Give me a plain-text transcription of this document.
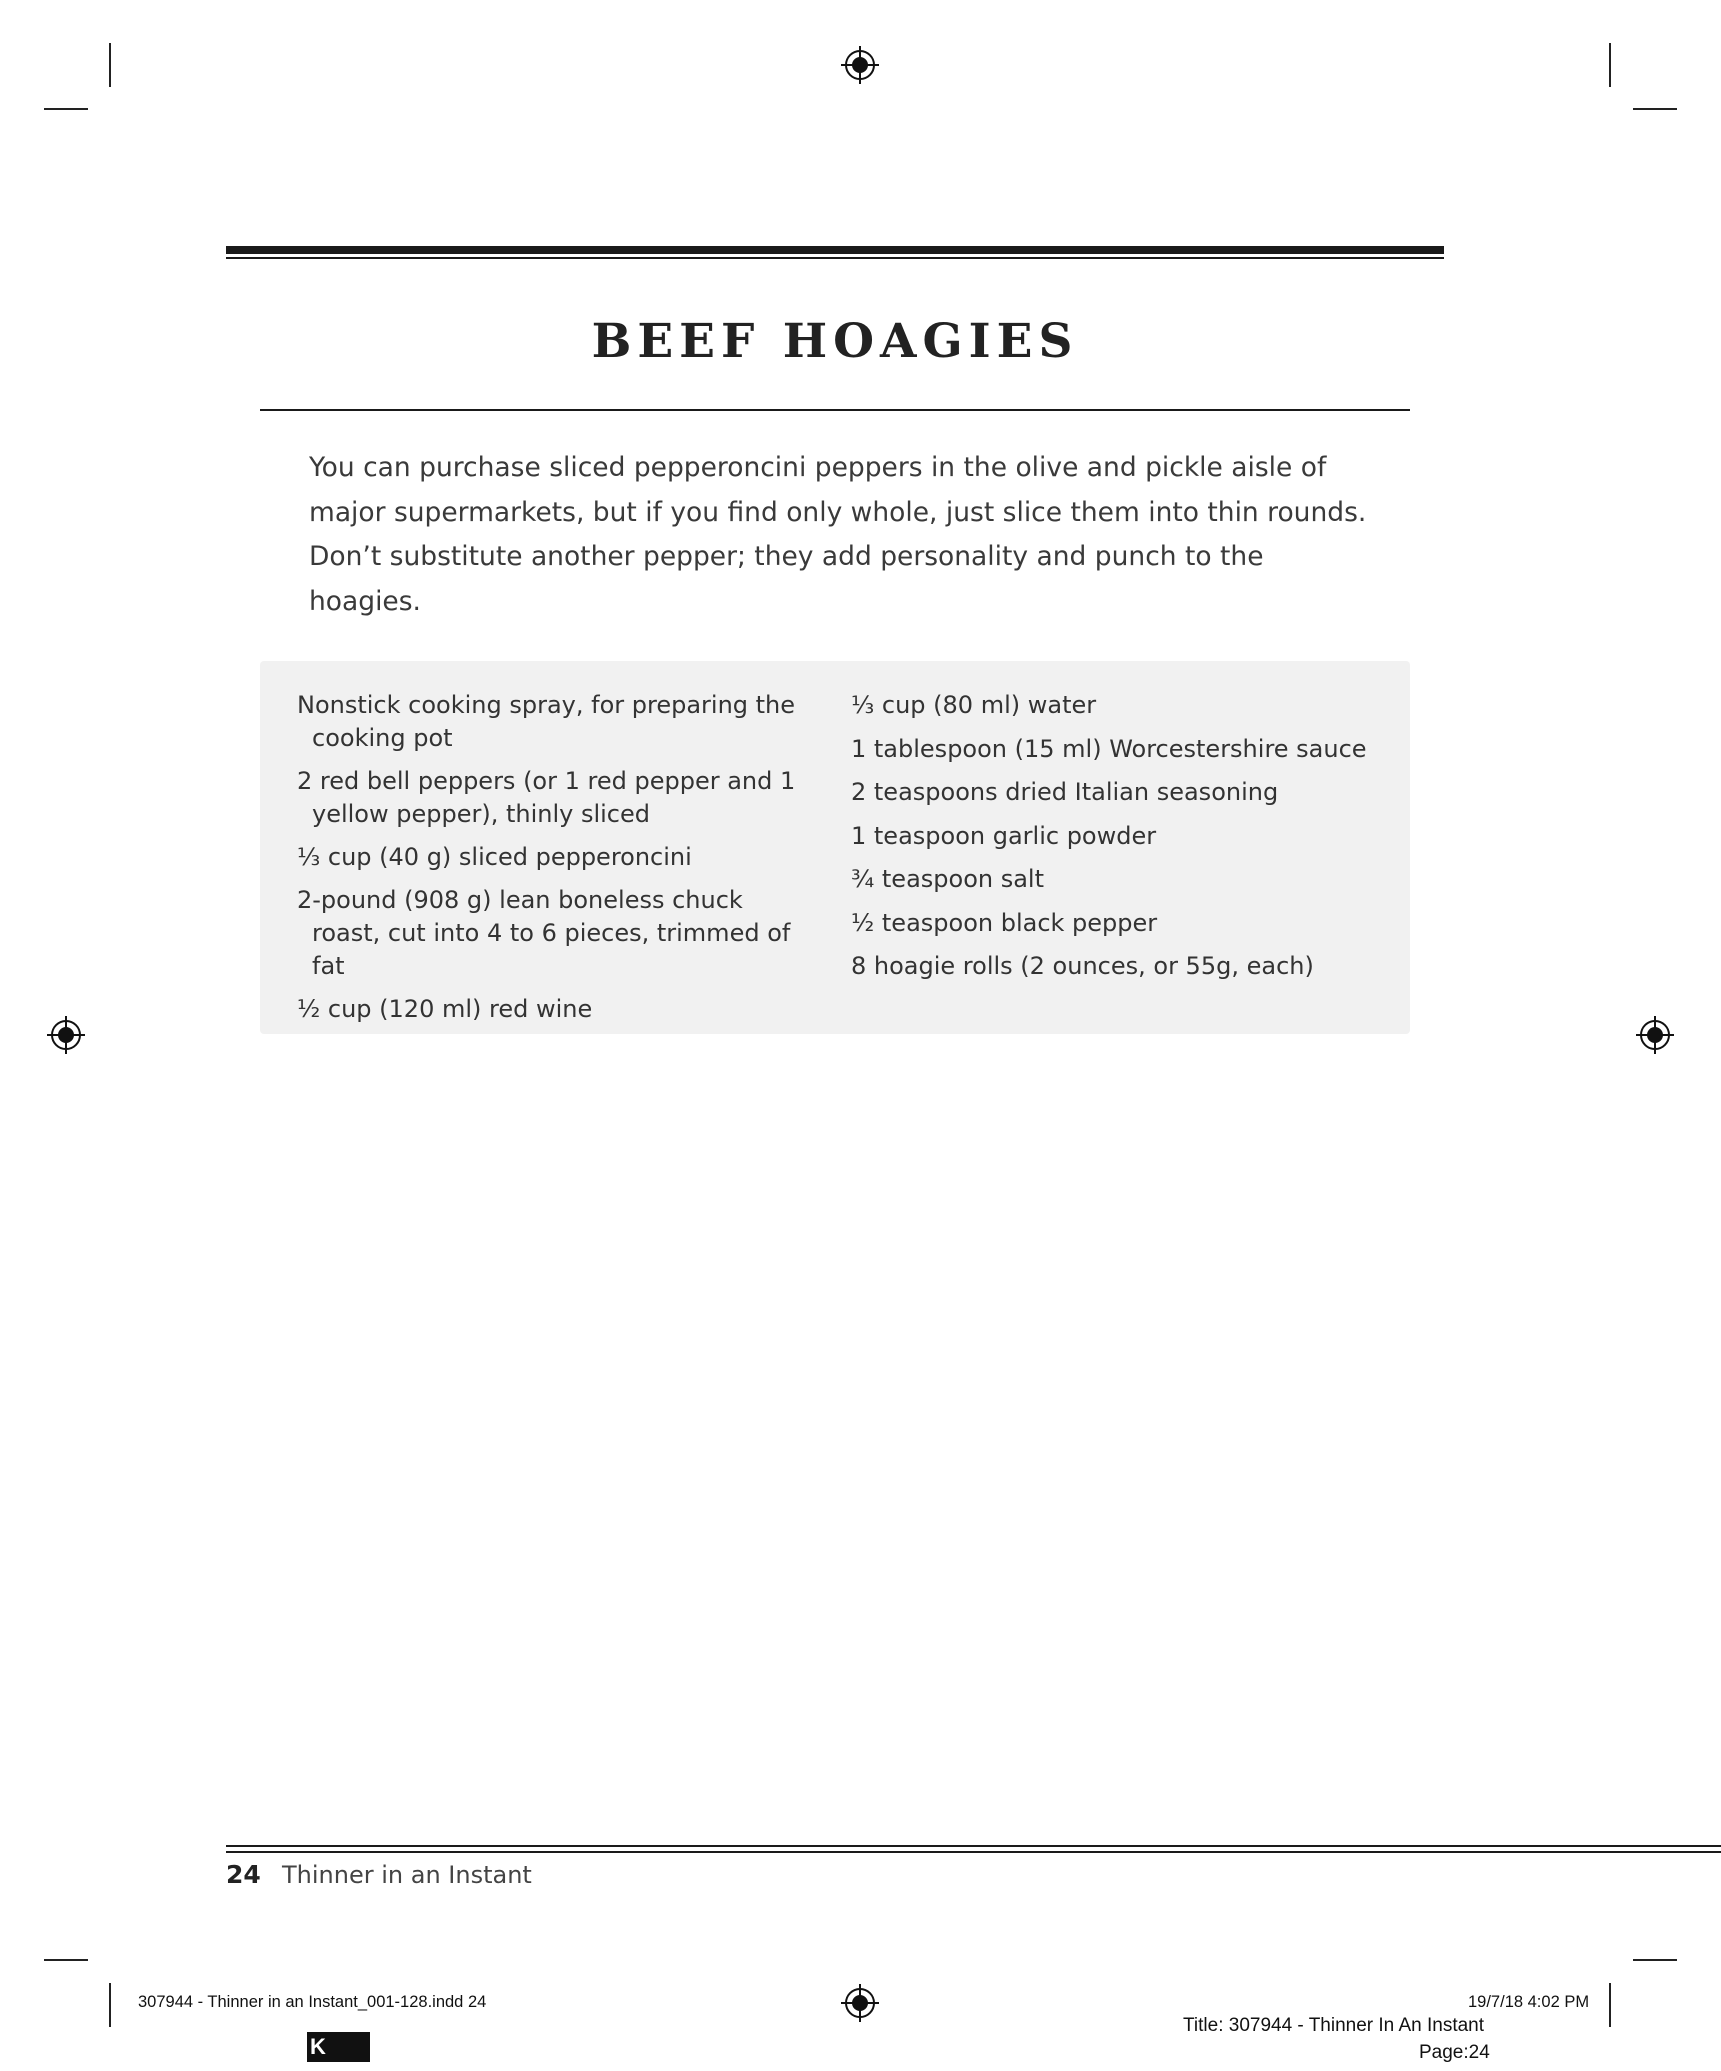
BEEF HOAGIES

You can purchase sliced pepperoncini peppers in the olive and pickle aisle of major supermarkets, but if you find only whole, just slice them into thin rounds. Don’t substitute another pepper; they add personality and punch to the hoagies.

Nonstick cooking spray, for preparing the cooking pot
2 red bell peppers (or 1 red pepper and 1 yellow pepper), thinly sliced
⅓ cup (40 g) sliced pepperoncini
2-pound (908 g) lean boneless chuck roast, cut into 4 to 6 pieces, trimmed of fat
½ cup (120 ml) red wine
⅓ cup (80 ml) water
1 tablespoon (15 ml) Worcestershire sauce
2 teaspoons dried Italian seasoning
1 teaspoon garlic powder
¾ teaspoon salt
½ teaspoon black pepper
8 hoagie rolls (2 ounces, or 55g, each)
24 Thinner in an Instant
307944 - Thinner in an Instant_001-128.indd 24	19/7/18 4:02 PM
Title: 307944 - Thinner In An Instant
Page:24
K
